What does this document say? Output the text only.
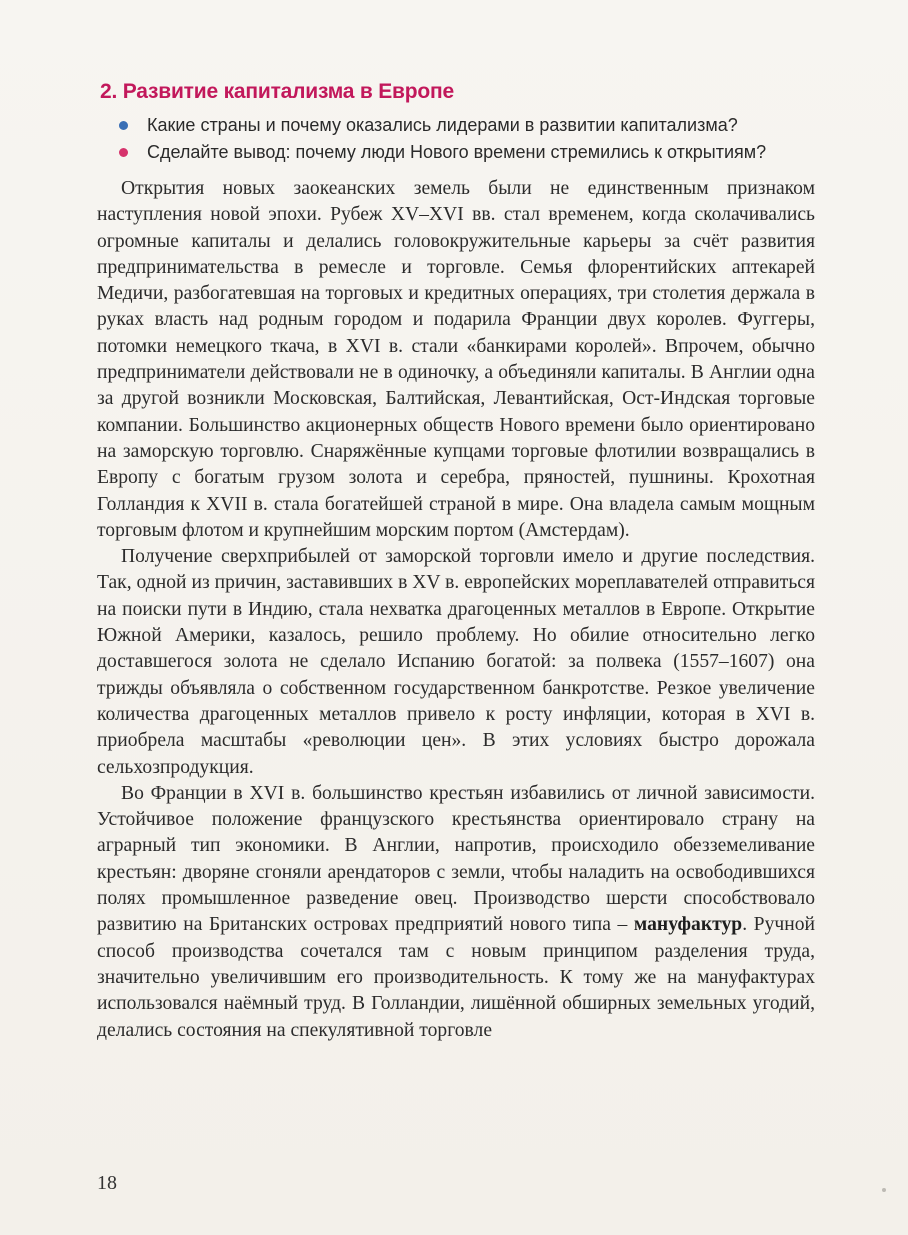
2. Развитие капитализма в Европе
Какие страны и почему оказались лидерами в развитии капитализма?
Сделайте вывод: почему люди Нового времени стремились к открытиям?

Открытия новых заокеанских земель были не единственным признаком наступления новой эпохи. Рубеж XV–XVI вв. стал временем, когда сколачивались огромные капиталы и делались головокружительные карьеры за счёт развития предпринимательства в ремесле и торговле. Семья флорентийских аптекарей Медичи, разбогатевшая на торговых и кредитных операциях, три столетия держала в руках власть над родным городом и подарила Франции двух королев. Фуггеры, потомки немецкого ткача, в XVI в. стали «банкирами королей». Впрочем, обычно предприниматели действовали не в одиночку, а объединяли капиталы. В Англии одна за другой возникли Московская, Балтийская, Левантийская, Ост-Индская торговые компании. Большинство акционерных обществ Нового времени было ориентировано на заморскую торговлю. Снаряжённые купцами торговые флотилии возвращались в Европу с богатым грузом золота и серебра, пряностей, пушнины. Крохотная Голландия к XVII в. стала богатейшей страной в мире. Она владела самым мощным торговым флотом и крупнейшим морским портом (Амстердам).

Получение сверхприбылей от заморской торговли имело и другие последствия. Так, одной из причин, заставивших в XV в. европейских мореплавателей отправиться на поиски пути в Индию, стала нехватка драгоценных металлов в Европе. Открытие Южной Америки, казалось, решило проблему. Но обилие относительно легко доставшегося золота не сделало Испанию богатой: за полвека (1557–1607) она трижды объявляла о собственном государственном банкротстве. Резкое увеличение количества драгоценных металлов привело к росту инфляции, которая в XVI в. приобрела масштабы «революции цен». В этих условиях быстро дорожала сельхозпродукция.

Во Франции в XVI в. большинство крестьян избавились от личной зависимости. Устойчивое положение французского крестьянства ориентировало страну на аграрный тип экономики. В Англии, напротив, происходило обезземеливание крестьян: дворяне сгоняли арендаторов с земли, чтобы наладить на освободившихся полях промышленное разведение овец. Производство шерсти способствовало развитию на Британских островах предприятий нового типа – мануфактур. Ручной способ производства сочетался там с новым принципом разделения труда, значительно увеличившим его производительность. К тому же на мануфактурах использовался наёмный труд. В Голландии, лишённой обширных земельных угодий, делались состояния на спекулятивной торговле

18
